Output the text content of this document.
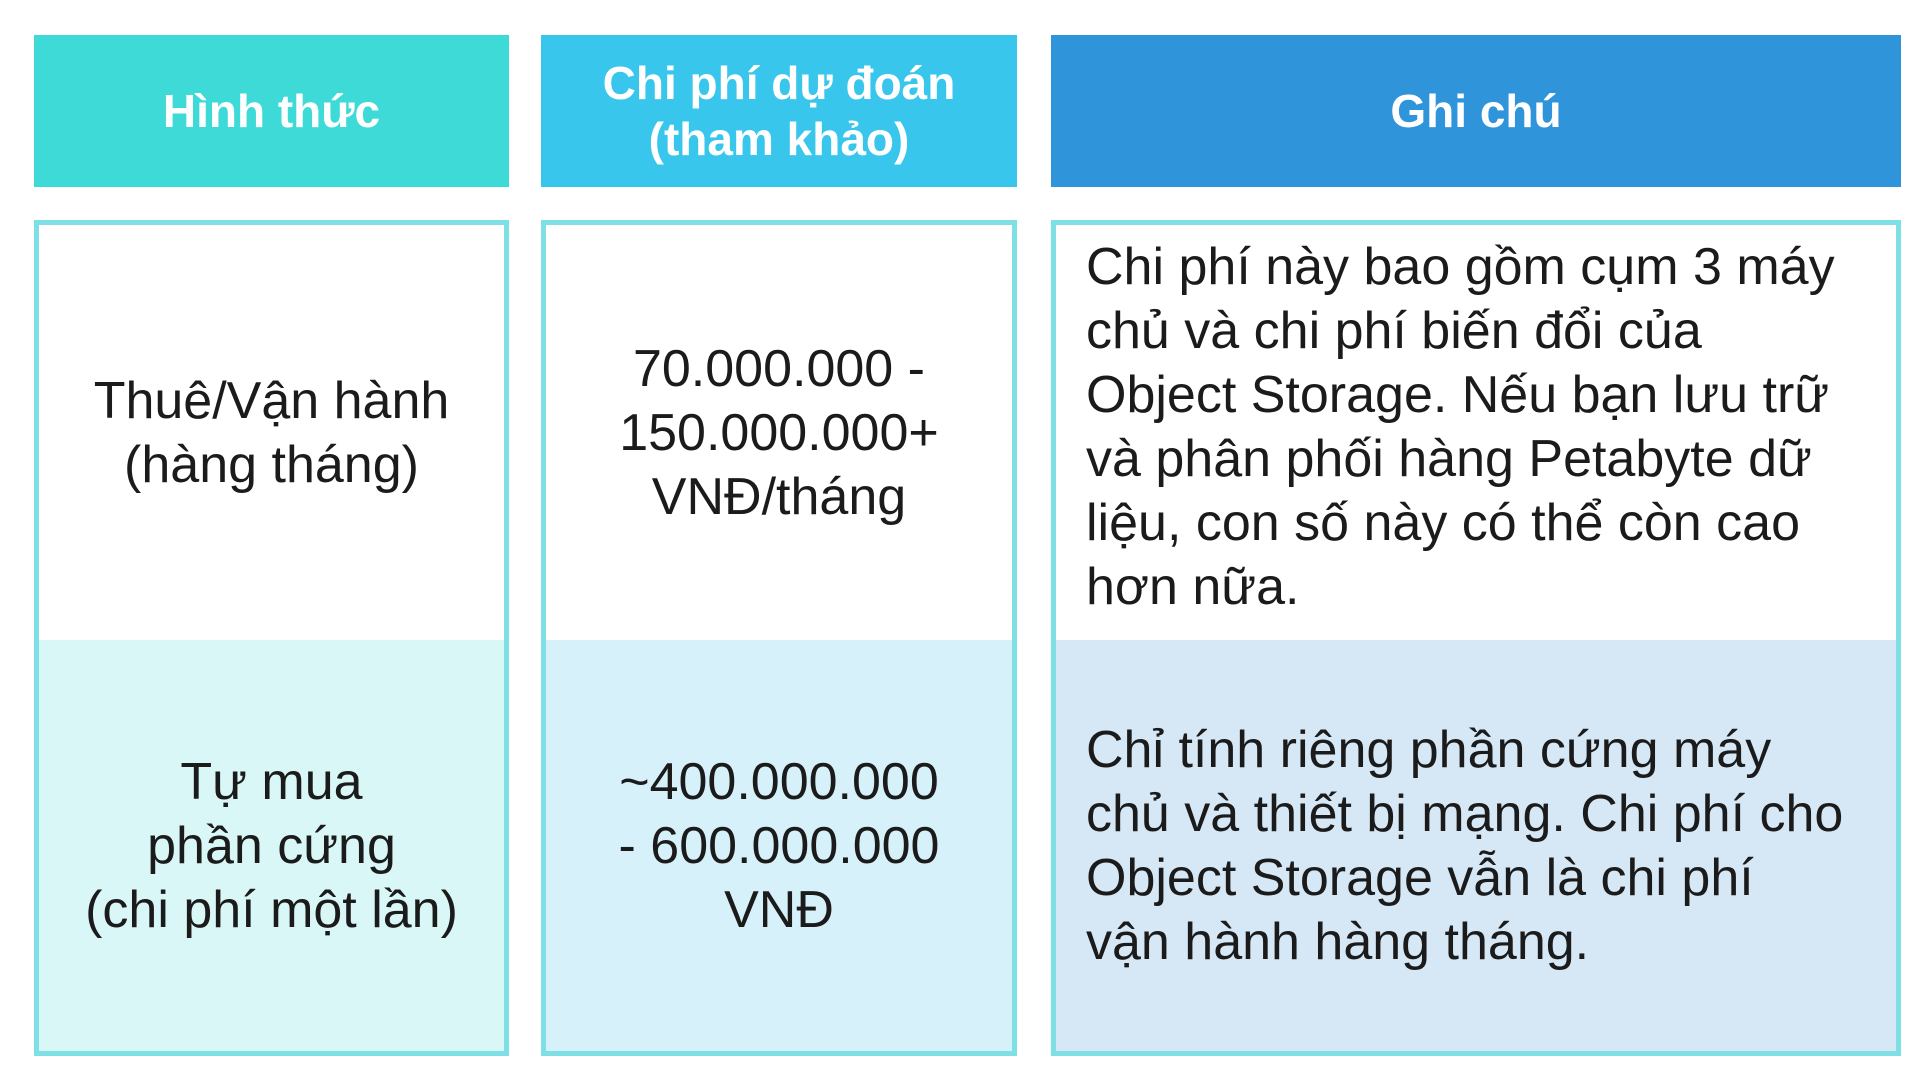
Hình thức
Chi phí dự đoán
(tham khảo)
Ghi chú
Thuê/Vận hành
(hàng tháng)
Tự mua
phần cứng
(chi phí một lần)
70.000.000 -
150.000.000+
VNĐ/tháng
~400.000.000
- 600.000.000
VNĐ
Chi phí này bao gồm cụm 3 máy
chủ và chi phí biến đổi của
Object Storage. Nếu bạn lưu trữ
và phân phối hàng Petabyte dữ
liệu, con số này có thể còn cao
hơn nữa.
Chỉ tính riêng phần cứng máy
chủ và thiết bị mạng. Chi phí cho
Object Storage vẫn là chi phí
vận hành hàng tháng.
